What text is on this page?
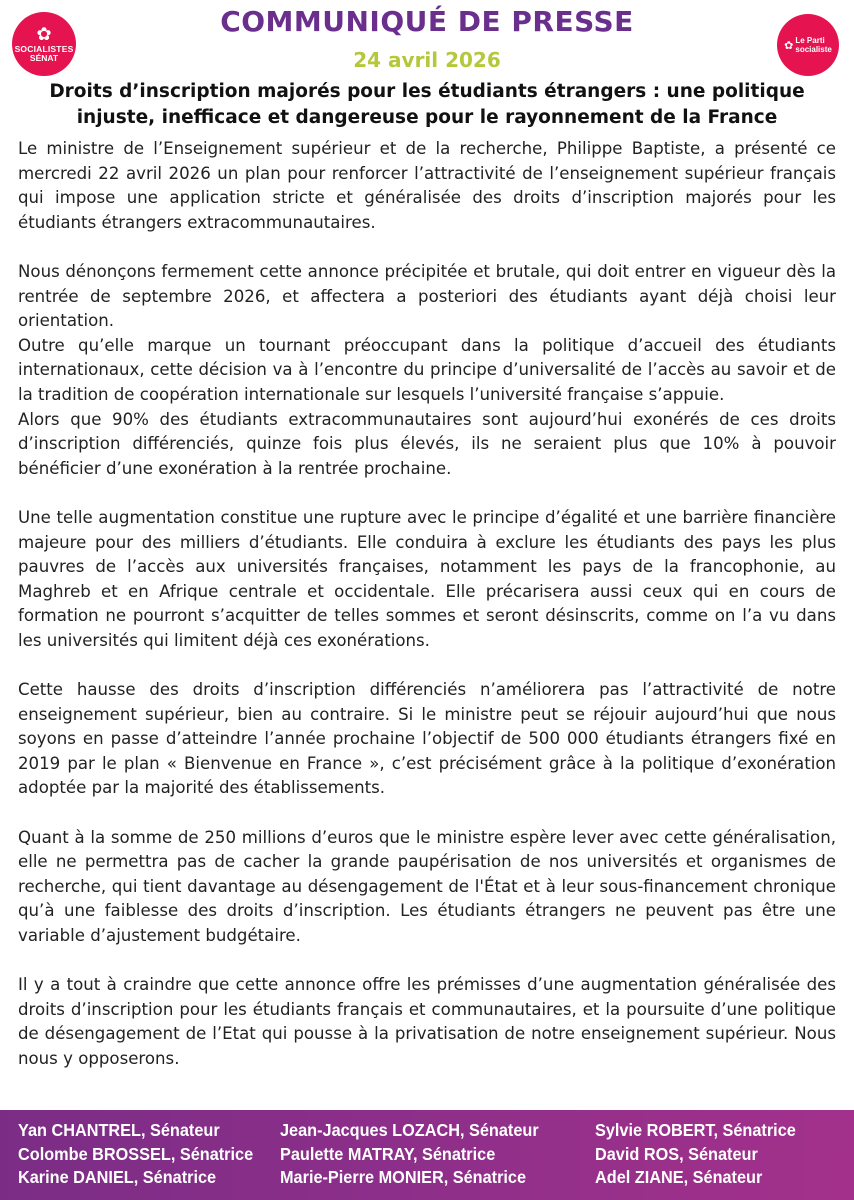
✿
SOCIALISTES
SÉNAT
COMMUNIQUÉ DE PRESSE
24 avril 2026
✿ Le Parti
socialiste
Droits d’inscription majorés pour les étudiants étrangers : une politique injuste, inefficace et dangereuse pour le rayonnement de la France

Le ministre de l’Enseignement supérieur et de la recherche, Philippe Baptiste, a présenté ce mercredi 22 avril 2026 un plan pour renforcer l’attractivité de l’enseignement supérieur français qui impose une application stricte et généralisée des droits d’inscription majorés pour les étudiants étrangers extracommunautaires.

Nous dénonçons fermement cette annonce précipitée et brutale, qui doit entrer en vigueur dès la rentrée de septembre 2026, et affectera a posteriori des étudiants ayant déjà choisi leur orientation.

Outre qu’elle marque un tournant préoccupant dans la politique d’accueil des étudiants internationaux, cette décision va à l’encontre du principe d’universalité de l’accès au savoir et de la tradition de coopération internationale sur lesquels l’université française s’appuie.

Alors que 90% des étudiants extracommunautaires sont aujourd’hui exonérés de ces droits d’inscription différenciés, quinze fois plus élevés, ils ne seraient plus que 10% à pouvoir bénéficier d’une exonération à la rentrée prochaine.

Une telle augmentation constitue une rupture avec le principe d’égalité et une barrière financière majeure pour des milliers d’étudiants. Elle conduira à exclure les étudiants des pays les plus pauvres de l’accès aux universités françaises, notamment les pays de la francophonie, au Maghreb et en Afrique centrale et occidentale. Elle précarisera aussi ceux qui en cours de formation ne pourront s’acquitter de telles sommes et seront désinscrits, comme on l’a vu dans les universités qui limitent déjà ces exonérations.

Cette hausse des droits d’inscription différenciés n’améliorera pas l’attractivité de notre enseignement supérieur, bien au contraire. Si le ministre peut se réjouir aujourd’hui que nous soyons en passe d’atteindre l’année prochaine l’objectif de 500 000 étudiants étrangers fixé en 2019 par le plan « Bienvenue en France », c’est précisément grâce à la politique d’exonération adoptée par la majorité des établissements.

Quant à la somme de 250 millions d’euros que le ministre espère lever avec cette généralisation, elle ne permettra pas de cacher la grande paupérisation de nos universités et organismes de recherche, qui tient davantage au désengagement de l'État et à leur sous-financement chronique qu’à une faiblesse des droits d’inscription. Les étudiants étrangers ne peuvent pas être une variable d’ajustement budgétaire.

Il y a tout à craindre que cette annonce offre les prémisses d’une augmentation généralisée des droits d’inscription pour les étudiants français et communautaires, et la poursuite d’une politique de désengagement de l’Etat qui pousse à la privatisation de notre enseignement supérieur. Nous nous y opposerons.

Yan CHANTREL, Sénateur
Colombe BROSSEL, Sénatrice
Karine DANIEL, Sénatrice
Jean-Jacques LOZACH, Sénateur
Paulette MATRAY, Sénatrice
Marie-Pierre MONIER, Sénatrice
Sylvie ROBERT, Sénatrice
David ROS, Sénateur
Adel ZIANE, Sénateur
